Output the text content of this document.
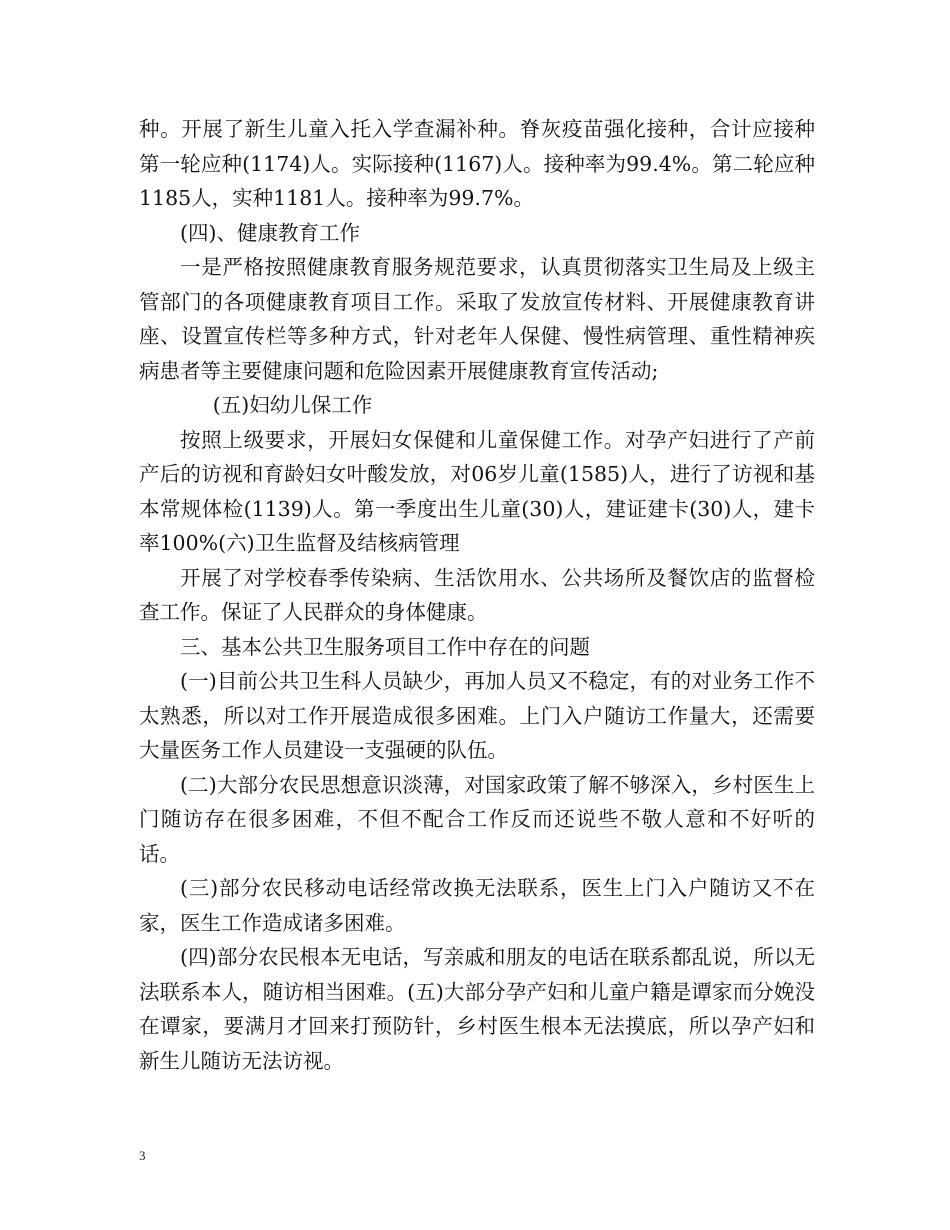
种。开展了新生儿童入托入学查漏补种。脊灰疫苗强化接种，合计应接种第一轮应种(1174)人。实际接种(1167)人。接种率为99.4%。第二轮应种1185人，实种1181人。接种率为99.7%。

(四)、健康教育工作

一是严格按照健康教育服务规范要求，认真贯彻落实卫生局及上级主管部门的各项健康教育项目工作。采取了发放宣传材料、开展健康教育讲座、设置宣传栏等多种方式，针对老年人保健、慢性病管理、重性精神疾病患者等主要健康问题和危险因素开展健康教育宣传活动;

(五)妇幼儿保工作

按照上级要求，开展妇女保健和儿童保健工作。对孕产妇进行了产前产后的访视和育龄妇女叶酸发放，对06岁儿童(1585)人，进行了访视和基本常规体检(1139)人。第一季度出生儿童(30)人，建证建卡(30)人，建卡率100%(六)卫生监督及结核病管理

开展了对学校春季传染病、生活饮用水、公共场所及餐饮店的监督检查工作。保证了人民群众的身体健康。

三、基本公共卫生服务项目工作中存在的问题

(一)目前公共卫生科人员缺少，再加人员又不稳定，有的对业务工作不太熟悉，所以对工作开展造成很多困难。上门入户随访工作量大，还需要大量医务工作人员建设一支强硬的队伍。

(二)大部分农民思想意识淡薄，对国家政策了解不够深入，乡村医生上门随访存在很多困难，不但不配合工作反而还说些不敬人意和不好听的话。

(三)部分农民移动电话经常改换无法联系，医生上门入户随访又不在家，医生工作造成诸多困难。

(四)部分农民根本无电话，写亲戚和朋友的电话在联系都乱说，所以无法联系本人，随访相当困难。(五)大部分孕产妇和儿童户籍是谭家而分娩没在谭家，要满月才回来打预防针，乡村医生根本无法摸底，所以孕产妇和新生儿随访无法访视。

3
